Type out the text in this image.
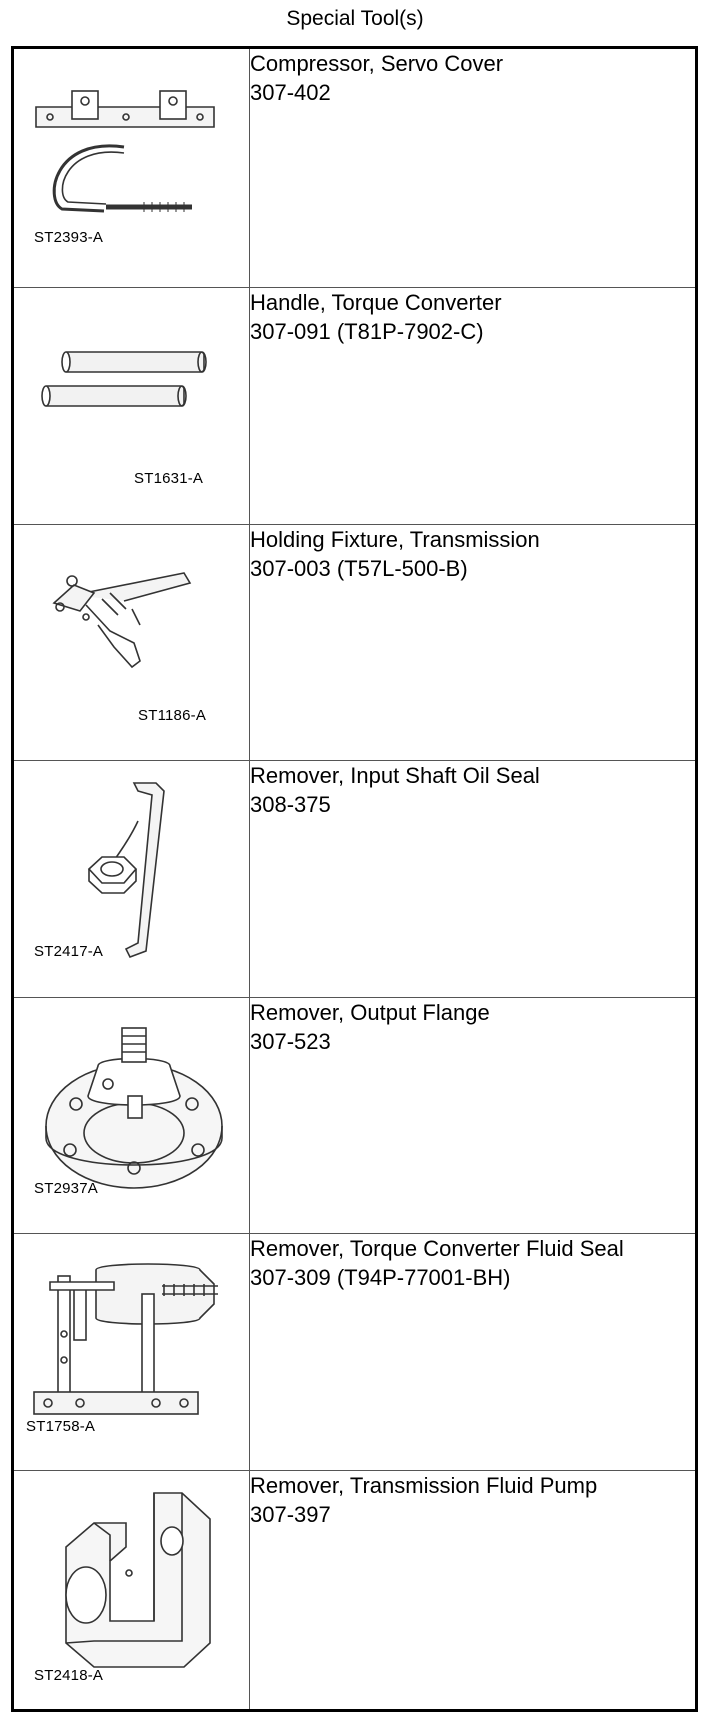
Special Tool(s)
ST2393-A	Compressor, Servo Cover
307-402

ST1631-A	Handle, Torque Converter
307-091 (T81P-7902-C)

ST1186-A	Holding Fixture, Transmission
307-003 (T57L-500-B)

ST2417-A	Remover, Input Shaft Oil Seal
308-375

ST2937A	Remover, Output Flange
307-523

ST1758-A	Remover, Torque Converter Fluid Seal
307-309 (T94P-77001-BH)

ST2418-A	Remover, Transmission Fluid Pump
307-397
